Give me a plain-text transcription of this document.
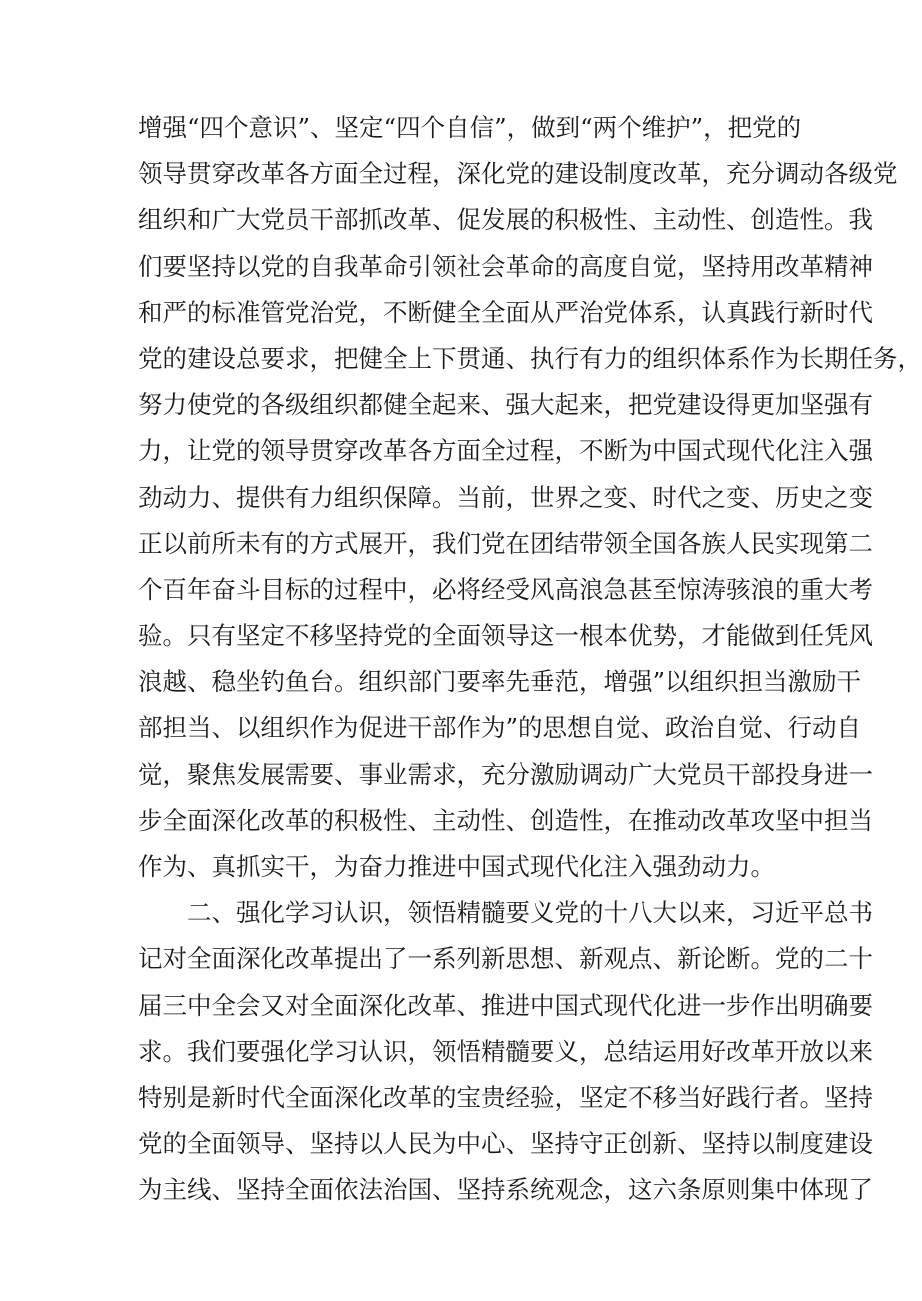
增强“四个意识”、坚定“四个自信”，做到“两个维护”，把党的
领导贯穿改革各方面全过程，深化党的建设制度改革，充分调动各级党
组织和广大党员干部抓改革、促发展的积极性、主动性、创造性。我
们要坚持以党的自我革命引领社会革命的高度自觉，坚持用改革精神
和严的标准管党治党，不断健全全面从严治党体系，认真践行新时代
党的建设总要求，把健全上下贯通、执行有力的组织体系作为长期任务，
努力使党的各级组织都健全起来、强大起来，把党建设得更加坚强有
力，让党的领导贯穿改革各方面全过程，不断为中国式现代化注入强
劲动力、提供有力组织保障。当前，世界之变、时代之变、历史之变
正以前所未有的方式展开，我们党在团结带领全国各族人民实现第二
个百年奋斗目标的过程中，必将经受风高浪急甚至惊涛骇浪的重大考
验。只有坚定不移坚持党的全面领导这一根本优势，才能做到任凭风
浪越、稳坐钓鱼台。组织部门要率先垂范，增强”以组织担当激励干
部担当、以组织作为促进干部作为”的思想自觉、政治自觉、行动自
觉，聚焦发展需要、事业需求，充分激励调动广大党员干部投身进一
步全面深化改革的积极性、主动性、创造性，在推动改革攻坚中担当
作为、真抓实干，为奋力推进中国式现代化注入强劲动力。
二、强化学习认识，领悟精髓要义党的十八大以来，习近平总书
记对全面深化改革提出了一系列新思想、新观点、新论断。党的二十
届三中全会又对全面深化改革、推进中国式现代化进一步作出明确要
求。我们要强化学习认识，领悟精髓要义，总结运用好改革开放以来
特别是新时代全面深化改革的宝贵经验，坚定不移当好践行者。坚持
党的全面领导、坚持以人民为中心、坚持守正创新、坚持以制度建设
为主线、坚持全面依法治国、坚持系统观念，这六条原则集中体现了
